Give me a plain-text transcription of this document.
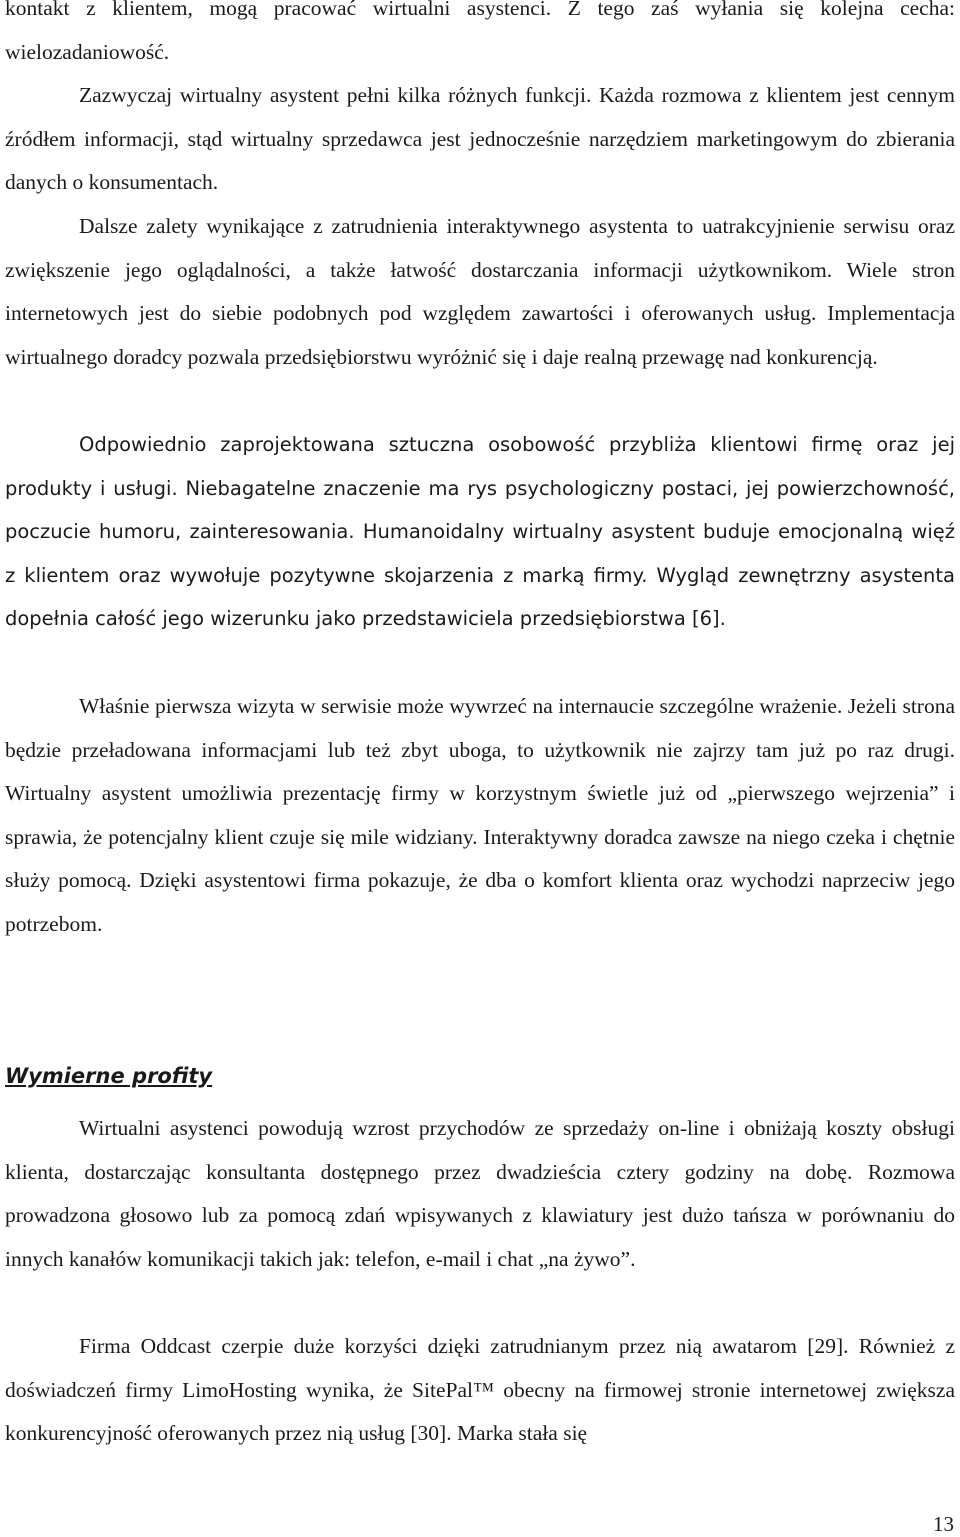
kontakt z klientem, mogą pracować wirtualni asystenci. Z tego zaś wyłania się kolejna cecha: wielozadaniowość.

Zazwyczaj wirtualny asystent pełni kilka różnych funkcji. Każda rozmowa z klientem jest cennym źródłem informacji, stąd wirtualny sprzedawca jest jednocześnie narzędziem marketingowym do zbierania danych o konsumentach.

Dalsze zalety wynikające z zatrudnienia interaktywnego asystenta to uatrakcyjnienie serwisu oraz zwiększenie jego oglądalności, a także łatwość dostarczania informacji użytkownikom. Wiele stron internetowych jest do siebie podobnych pod względem zawartości i oferowanych usług. Implementacja wirtualnego doradcy pozwala przedsiębiorstwu wyróżnić się i daje realną przewagę nad konkurencją.

Odpowiednio zaprojektowana sztuczna osobowość przybliża klientowi firmę oraz jej produkty i usługi. Niebagatelne znaczenie ma rys psychologiczny postaci, jej powierzchowność, poczucie humoru, zainteresowania. Humanoidalny wirtualny asystent buduje emocjonalną więź z klientem oraz wywołuje pozytywne skojarzenia z marką firmy. Wygląd zewnętrzny asystenta dopełnia całość jego wizerunku jako przedstawiciela przedsiębiorstwa [6].

Właśnie pierwsza wizyta w serwisie może wywrzeć na internaucie szczególne wrażenie. Jeżeli strona będzie przeładowana informacjami lub też zbyt uboga, to użytkownik nie zajrzy tam już po raz drugi. Wirtualny asystent umożliwia prezentację firmy w korzystnym świetle już od „pierwszego wejrzenia” i sprawia, że potencjalny klient czuje się mile widziany. Interaktywny doradca zawsze na niego czeka i chętnie służy pomocą. Dzięki asystentowi firma pokazuje, że dba o komfort klienta oraz wychodzi naprzeciw jego potrzebom.

Wymierne profity

Wirtualni asystenci powodują wzrost przychodów ze sprzedaży on-line i obniżają koszty obsługi klienta, dostarczając konsultanta dostępnego przez dwadzieścia cztery godziny na dobę. Rozmowa prowadzona głosowo lub za pomocą zdań wpisywanych z klawiatury jest dużo tańsza w porównaniu do innych kanałów komunikacji takich jak: telefon, e-mail i chat „na żywo”.

Firma Oddcast czerpie duże korzyści dzięki zatrudnianym przez nią awatarom [29]. Również z doświadczeń firmy LimoHosting wynika, że SitePal™ obecny na firmowej stronie internetowej zwiększa konkurencyjność oferowanych przez nią usług [30]. Marka stała się

13
